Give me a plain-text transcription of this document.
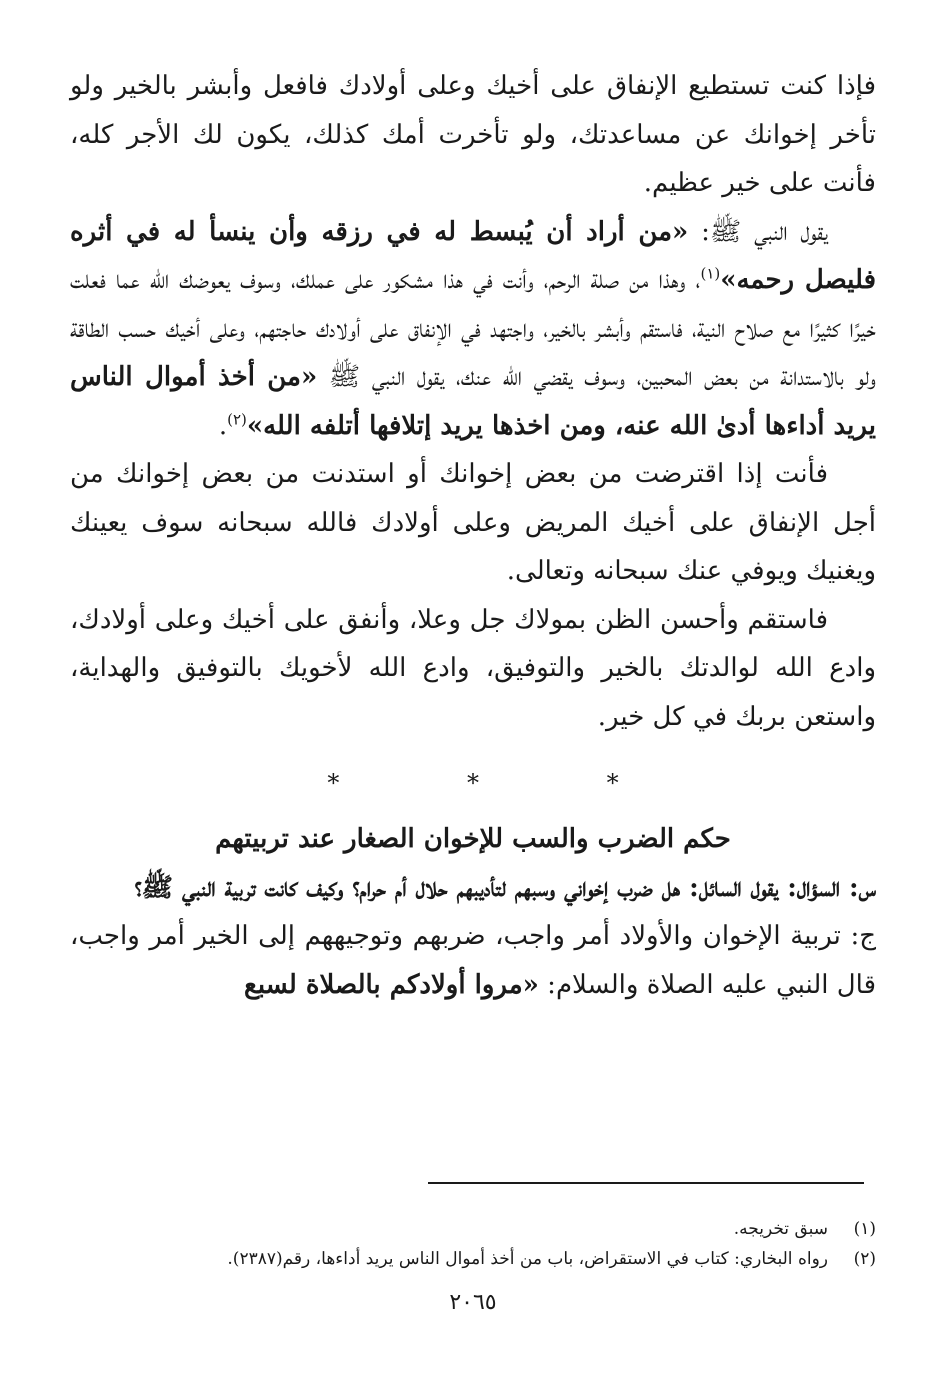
فإذا كنت تستطيع الإنفاق على أخيك وعلى أولادك فافعل وأبشر بالخير ولو تأخر إخوانك عن مساعدتك، ولو تأخرت أمك كذلك، يكون لك الأجر كله، فأنت على خير عظيم.

يقول النبي ﷺ: «من أراد أن يُبسط له في رزقه وأن ينسأ له في أثره فليصل رحمه»$^{(١)}$، وهذا من صلة الرحم، وأنت في هذا مشكور على عملك، وسوف يعوضك الله عما فعلت خيرًا كثيرًا مع صلاح النية، فاستقم وأبشر بالخير، واجتهد في الإنفاق على أولادك حاجتهم، وعلى أخيك حسب الطاقة ولو بالاستدانة من بعض المحبين، وسوف يقضي الله عنك، يقول النبي ﷺ «من أخذ أموال الناس يريد أداءها أدىٰ الله عنه، ومن اخذها يريد إتلافها أتلفه الله»$^{(٢)}$.

فأنت إذا اقترضت من بعض إخوانك أو استدنت من بعض إخوانك من أجل الإنفاق على أخيك المريض وعلى أولادك فالله سبحانه سوف يعينك ويغنيك ويوفي عنك سبحانه وتعالى.

فاستقم وأحسن الظن بمولاك جل وعلا، وأنفق على أخيك وعلى أولادك، وادع الله لوالدتك بالخير والتوفيق، وادع الله لأخويك بالتوفيق والهداية، واستعن بربك في كل خير.

* * *
حكم الضرب والسب للإخوان الصغار عند تربيتهم

س: السؤال: يقول السائل: هل ضرب إخواني وسبهم لتأديبهم حلال أم حرام؟ وكيف كانت تربية النبي ﷺ؟

ج: تربية الإخوان والأولاد أمر واجب، ضربهم وتوجيههم إلى الخير أمر واجب، قال النبي عليه الصلاة والسلام: «مروا أولادكم بالصلاة لسبع

(١)
سبق تخريجه.
(٢)
رواه البخاري: كتاب في الاستقراض، باب من أخذ أموال الناس يريد أداءها، رقم(٢٣٨٧).
٢٠٦٥
